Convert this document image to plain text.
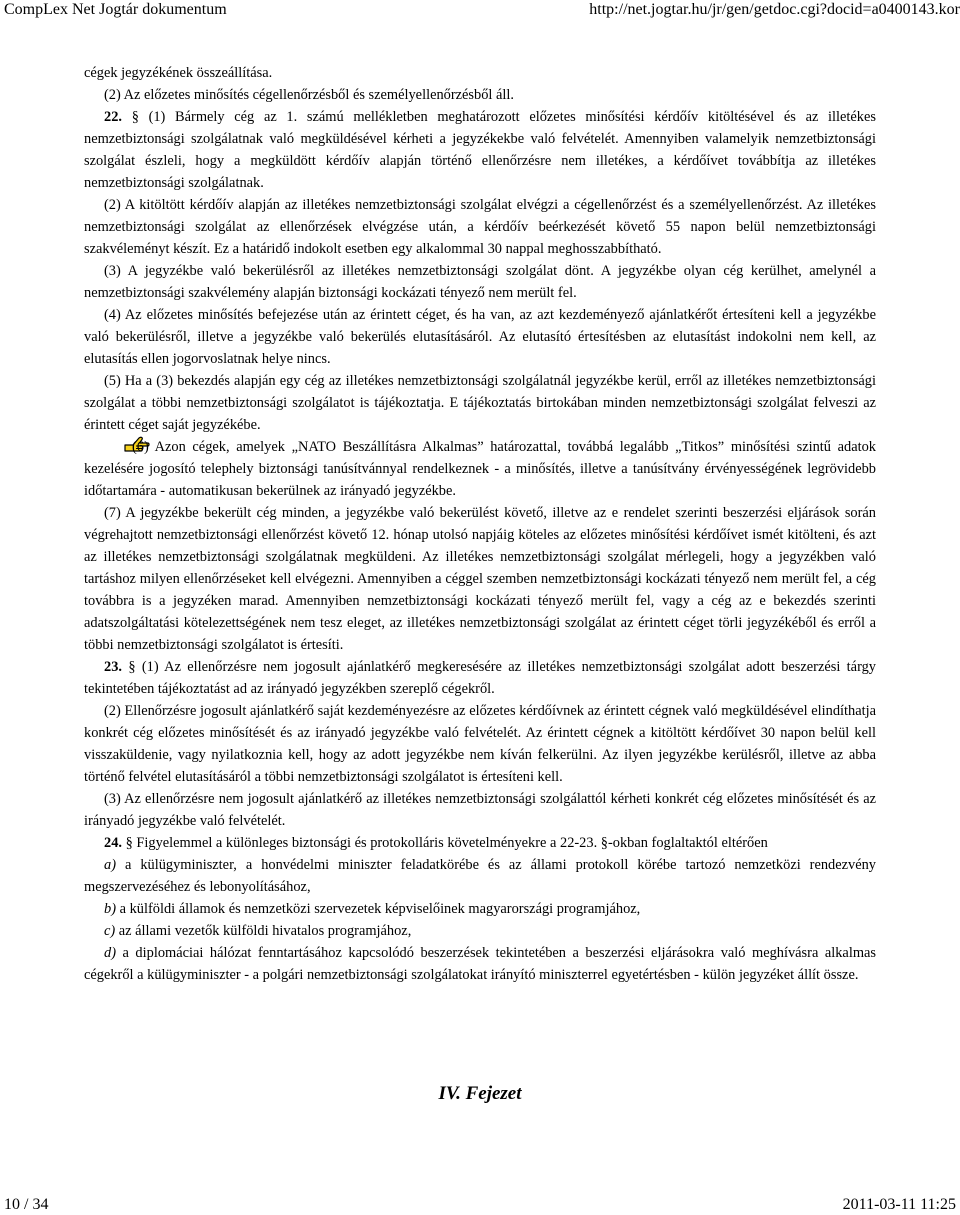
CompLex Net Jogtár dokumentum	http://net.jogtar.hu/jr/gen/getdoc.cgi?docid=a0400143.kor

cégek jegyzékének összeállítása.

(2) Az előzetes minősítés cégellenőrzésből és személyellenőrzésből áll.

22. § (1) Bármely cég az 1. számú mellékletben meghatározott előzetes minősítési kérdőív kitöltésével és az illetékes nemzetbiztonsági szolgálatnak való megküldésével kérheti a jegyzékekbe való felvételét. Amennyiben valamelyik nemzetbiztonsági szolgálat észleli, hogy a megküldött kérdőív alapján történő ellenőrzésre nem illetékes, a kérdőívet továbbítja az illetékes nemzetbiztonsági szolgálatnak.

(2) A kitöltött kérdőív alapján az illetékes nemzetbiztonsági szolgálat elvégzi a cégellenőrzést és a személyellenőrzést. Az illetékes nemzetbiztonsági szolgálat az ellenőrzések elvégzése után, a kérdőív beérkezését követő 55 napon belül nemzetbiztonsági szakvéleményt készít. Ez a határidő indokolt esetben egy alkalommal 30 nappal meghosszabbítható.

(3) A jegyzékbe való bekerülésről az illetékes nemzetbiztonsági szolgálat dönt. A jegyzékbe olyan cég kerülhet, amelynél a nemzetbiztonsági szakvélemény alapján biztonsági kockázati tényező nem merült fel.

(4) Az előzetes minősítés befejezése után az érintett céget, és ha van, az azt kezdeményező ajánlatkérőt értesíteni kell a jegyzékbe való bekerülésről, illetve a jegyzékbe való bekerülés elutasításáról. Az elutasító értesítésben az elutasítást indokolni nem kell, az elutasítás ellen jogorvoslatnak helye nincs.

(5) Ha a (3) bekezdés alapján egy cég az illetékes nemzetbiztonsági szolgálatnál jegyzékbe kerül, erről az illetékes nemzetbiztonsági szolgálat a többi nemzetbiztonsági szolgálatot is tájékoztatja. E tájékoztatás birtokában minden nemzetbiztonsági szolgálat felveszi az érintett céget saját jegyzékébe.

(6) Azon cégek, amelyek „NATO Beszállításra Alkalmas” határozattal, továbbá legalább „Titkos” minősítési szintű adatok kezelésére jogosító telephely biztonsági tanúsítvánnyal rendelkeznek - a minősítés, illetve a tanúsítvány érvényességének legrövidebb időtartamára - automatikusan bekerülnek az irányadó jegyzékbe.

(7) A jegyzékbe bekerült cég minden, a jegyzékbe való bekerülést követő, illetve az e rendelet szerinti beszerzési eljárások során végrehajtott nemzetbiztonsági ellenőrzést követő 12. hónap utolsó napjáig köteles az előzetes minősítési kérdőívet ismét kitölteni, és azt az illetékes nemzetbiztonsági szolgálatnak megküldeni. Az illetékes nemzetbiztonsági szolgálat mérlegeli, hogy a jegyzékben való tartáshoz milyen ellenőrzéseket kell elvégezni. Amennyiben a céggel szemben nemzetbiztonsági kockázati tényező nem merült fel, a cég továbbra is a jegyzéken marad. Amennyiben nemzetbiztonsági kockázati tényező merült fel, vagy a cég az e bekezdés szerinti adatszolgáltatási kötelezettségének nem tesz eleget, az illetékes nemzetbiztonsági szolgálat az érintett céget törli jegyzékéből és erről a többi nemzetbiztonsági szolgálatot is értesíti.

23. § (1) Az ellenőrzésre nem jogosult ajánlatkérő megkeresésére az illetékes nemzetbiztonsági szolgálat adott beszerzési tárgy tekintetében tájékoztatást ad az irányadó jegyzékben szereplő cégekről.

(2) Ellenőrzésre jogosult ajánlatkérő saját kezdeményezésre az előzetes kérdőívnek az érintett cégnek való megküldésével elindíthatja konkrét cég előzetes minősítését és az irányadó jegyzékbe való felvételét. Az érintett cégnek a kitöltött kérdőívet 30 napon belül kell visszaküldenie, vagy nyilatkoznia kell, hogy az adott jegyzékbe nem kíván felkerülni. Az ilyen jegyzékbe kerülésről, illetve az abba történő felvétel elutasításáról a többi nemzetbiztonsági szolgálatot is értesíteni kell.

(3) Az ellenőrzésre nem jogosult ajánlatkérő az illetékes nemzetbiztonsági szolgálattól kérheti konkrét cég előzetes minősítését és az irányadó jegyzékbe való felvételét.

24. § Figyelemmel a különleges biztonsági és protokolláris követelményekre a 22-23. §-okban foglaltaktól eltérően

a) a külügyminiszter, a honvédelmi miniszter feladatkörébe és az állami protokoll körébe tartozó nemzetközi rendezvény megszervezéséhez és lebonyolításához,

b) a külföldi államok és nemzetközi szervezetek képviselőinek magyarországi programjához,

c) az állami vezetők külföldi hivatalos programjához,

d) a diplomáciai hálózat fenntartásához kapcsolódó beszerzések tekintetében a beszerzési eljárásokra való meghívásra alkalmas cégekről a külügyminiszter - a polgári nemzetbiztonsági szolgálatokat irányító miniszterrel egyetértésben - külön jegyzéket állít össze.

IV. Fejezet
10 / 34	2011-03-11 11:25
